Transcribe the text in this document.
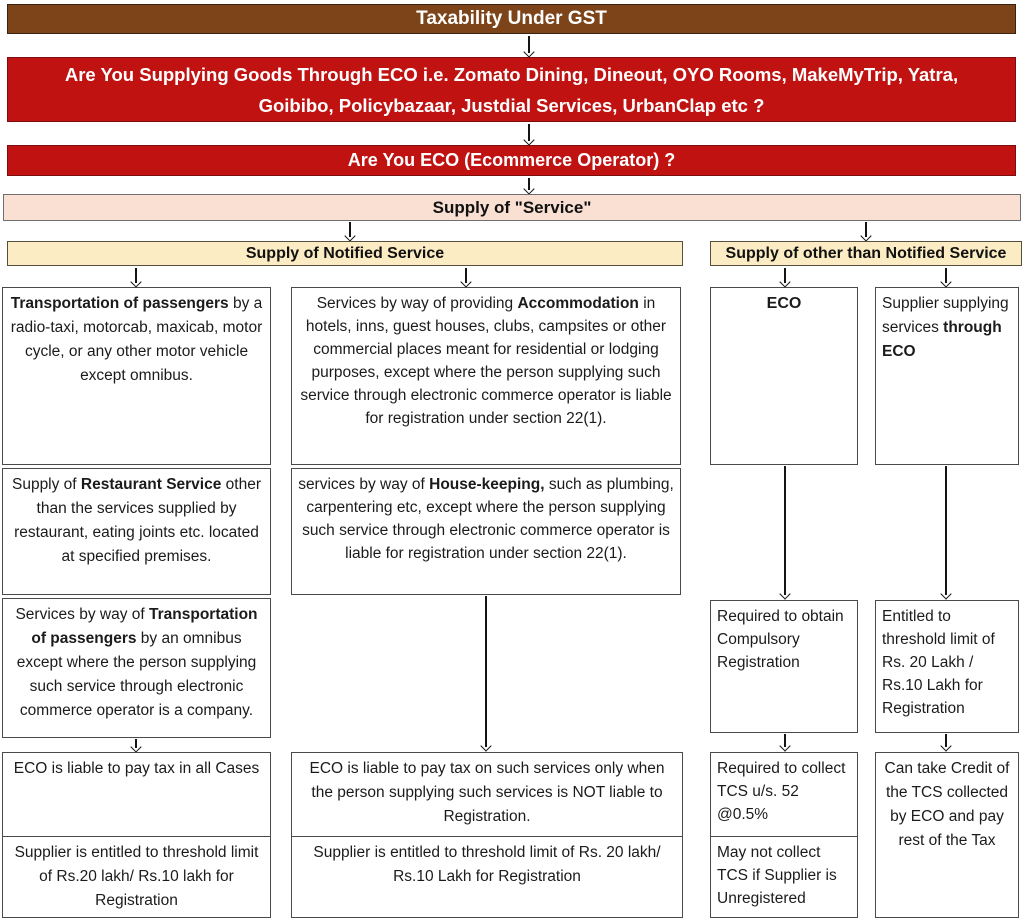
Taxability Under GST
Are You Supplying Goods Through ECO i.e. Zomato Dining, Dineout, OYO Rooms, MakeMyTrip, Yatra, Goibibo, Policybazaar, Justdial Services, UrbanClap etc ?
Are You ECO (Ecommerce Operator) ?
Supply of "Service"
Supply of Notified Service	Supply of other than Notified Service
Transportation of passengers by a radio-taxi, motorcab, maxicab, motor cycle, or any other motor vehicle except omnibus.
Supply of Restaurant Service other than the services supplied by restaurant, eating joints etc. located at specified premises.
Services by way of Transportation of passengers by an omnibus except where the person supplying such service through electronic commerce operator is a company.
ECO is liable to pay tax in all Cases
Supplier is entitled to threshold limit of Rs.20 lakh/ Rs.10 lakh for Registration
Services by way of providing Accommodation in hotels, inns, guest houses, clubs, campsites or other commercial places meant for residential or lodging purposes, except where the person supplying such service through electronic commerce operator is liable for registration under section 22(1).
services by way of House-keeping, such as plumbing, carpentering etc, except where the person supplying such service through electronic commerce operator is liable for registration under section 22(1).
ECO is liable to pay tax on such services only when the person supplying such services is NOT liable to Registration.
Supplier is entitled to threshold limit of Rs. 20 lakh/ Rs.10 Lakh for Registration
ECO
Required to obtain Compulsory Registration
Required to collect TCS u/s. 52 @0.5%
May not collect TCS if Supplier is Unregistered
Supplier supplying services through ECO
Entitled to threshold limit of Rs. 20 Lakh / Rs.10 Lakh for Registration
Can take Credit of the TCS collected by ECO and pay rest of the Tax
